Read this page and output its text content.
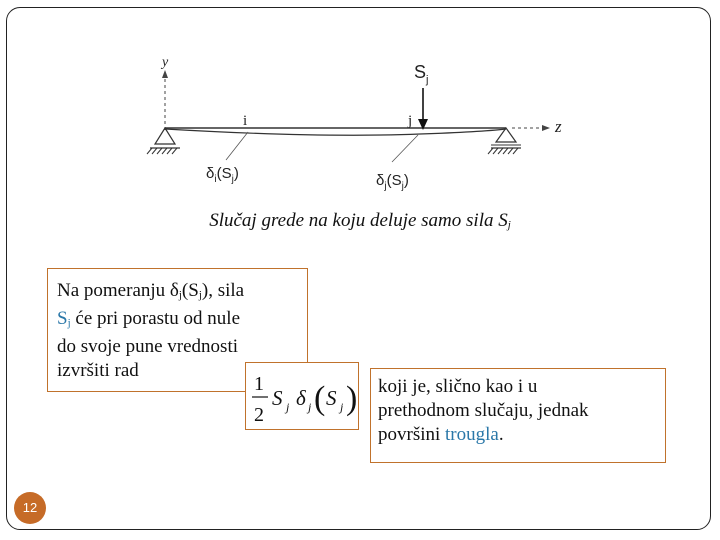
y
z
$S_j$
i	j
$\delta_i(S_j)$	$\delta_j(S_j)$
Slučaj grede na koju deluje samo sila $S_j$
Na pomeranju $\delta_j(S_j)$, sila
$S_j$ će pri porastu od nule
do svoje pune vrednosti
izvršiti rad
1
2
S j δ j ( S j ) koji je, slično kao i u
prethodnom slučaju, jednak
površini trougla.
12
